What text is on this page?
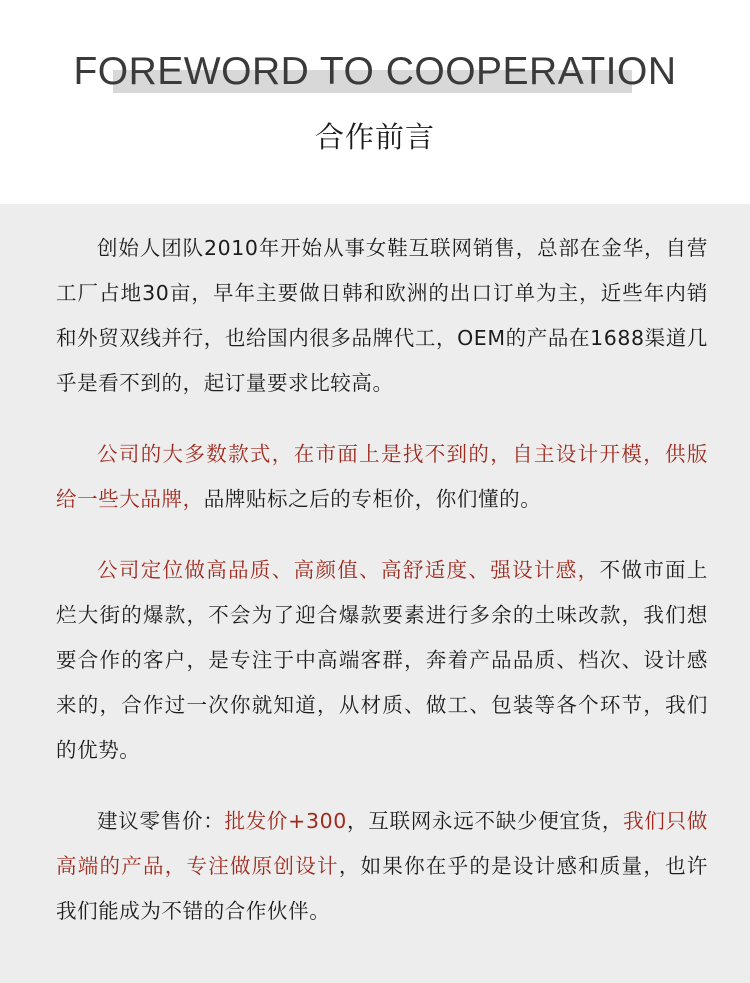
FOREWORD TO COOPERATION
合作前言

创始人团队2010年开始从事女鞋互联网销售，总部在金华，自营工厂占地30亩，早年主要做日韩和欧洲的出口订单为主，近些年内销和外贸双线并行，也给国内很多品牌代工，OEM的产品在1688渠道几乎是看不到的，起订量要求比较高。

公司的大多数款式，在市面上是找不到的，自主设计开模，供版给一些大品牌，品牌贴标之后的专柜价，你们懂的。

公司定位做高品质、高颜值、高舒适度、强设计感，不做市面上烂大街的爆款，不会为了迎合爆款要素进行多余的土味改款，我们想要合作的客户，是专注于中高端客群，奔着产品品质、档次、设计感来的，合作过一次你就知道，从材质、做工、包装等各个环节，我们的优势。

建议零售价：批发价+300，互联网永远不缺少便宜货，我们只做高端的产品，专注做原创设计，如果你在乎的是设计感和质量，也许我们能成为不错的合作伙伴。
